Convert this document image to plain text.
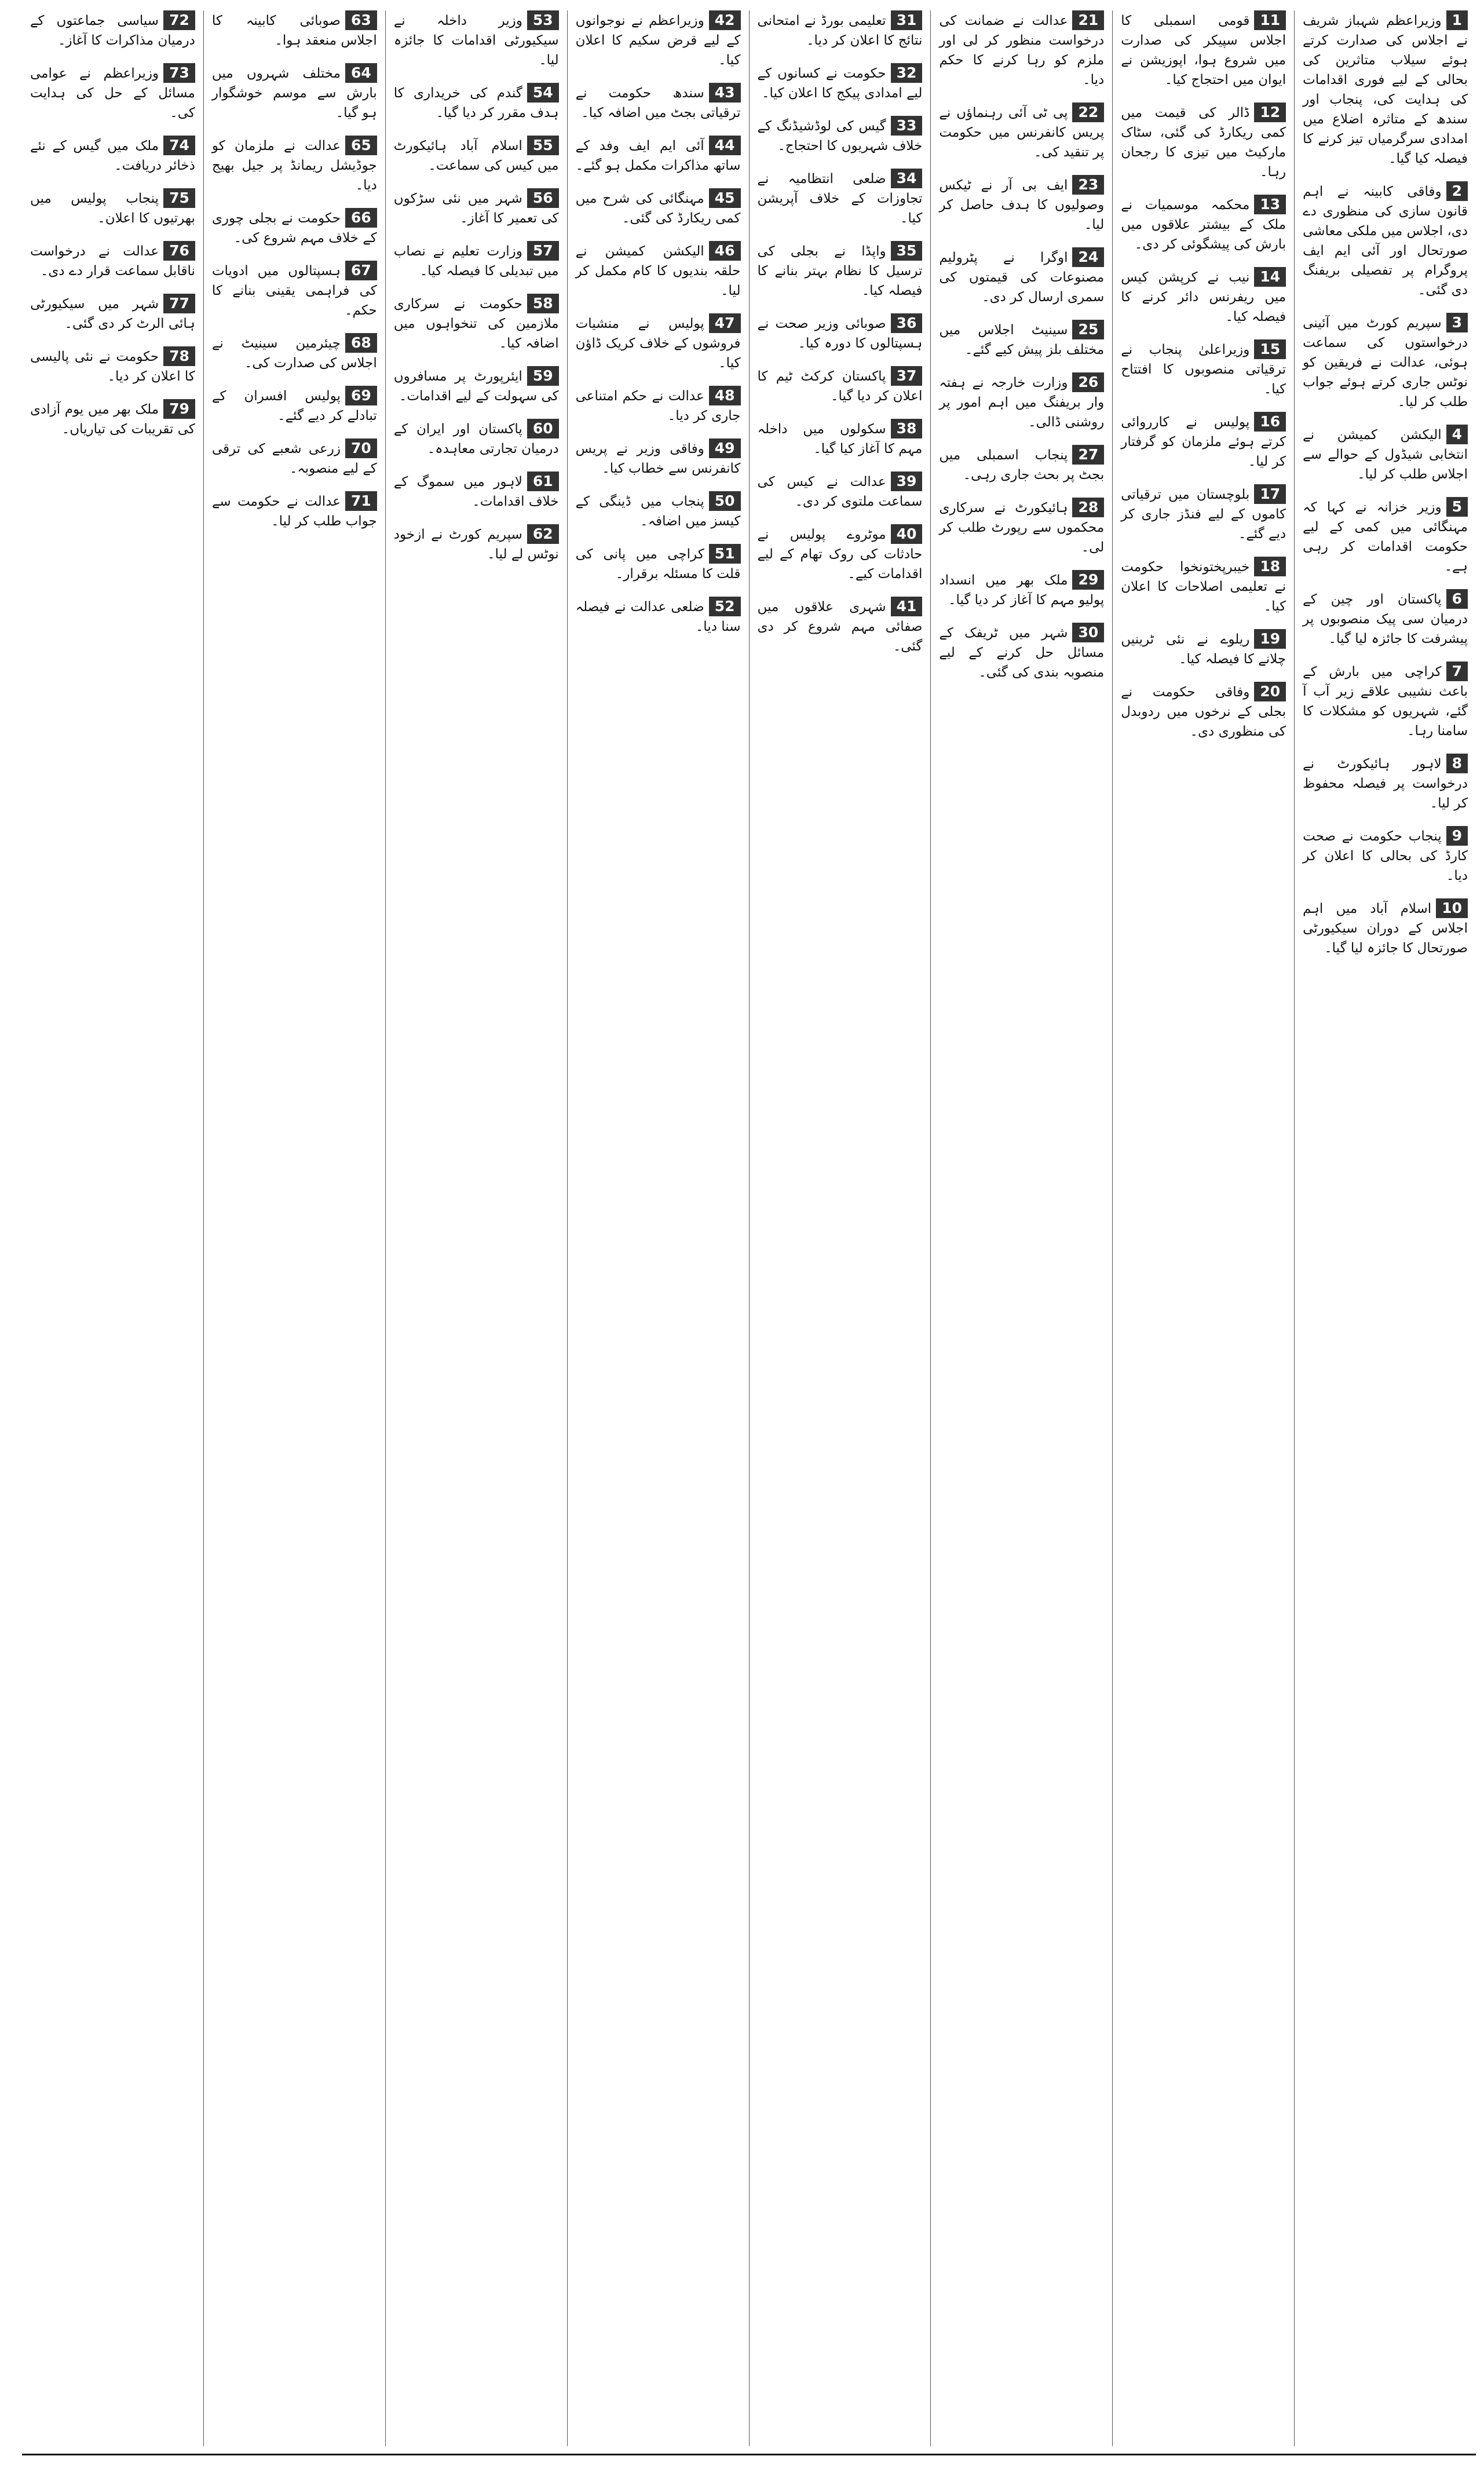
1وزیراعظم شہباز شریف نے اجلاس کی صدارت کرتے ہوئے سیلاب متاثرین کی بحالی کے لیے فوری اقدامات کی ہدایت کی، پنجاب اور سندھ کے متاثرہ اضلاع میں امدادی سرگرمیاں تیز کرنے کا فیصلہ کیا گیا۔
2وفاقی کابینہ نے اہم قانون سازی کی منظوری دے دی، اجلاس میں ملکی معاشی صورتحال اور آئی ایم ایف پروگرام پر تفصیلی بریفنگ دی گئی۔
3سپریم کورٹ میں آئینی درخواستوں کی سماعت ہوئی، عدالت نے فریقین کو نوٹس جاری کرتے ہوئے جواب طلب کر لیا۔
4الیکشن کمیشن نے انتخابی شیڈول کے حوالے سے اجلاس طلب کر لیا۔
5وزیر خزانہ نے کہا کہ مہنگائی میں کمی کے لیے حکومت اقدامات کر رہی ہے۔
6پاکستان اور چین کے درمیان سی پیک منصوبوں پر پیشرفت کا جائزہ لیا گیا۔
7کراچی میں بارش کے باعث نشیبی علاقے زیر آب آ گئے، شہریوں کو مشکلات کا سامنا رہا۔
8لاہور ہائیکورٹ نے درخواست پر فیصلہ محفوظ کر لیا۔
9پنجاب حکومت نے صحت کارڈ کی بحالی کا اعلان کر دیا۔
10اسلام آباد میں اہم اجلاس کے دوران سیکیورٹی صورتحال کا جائزہ لیا گیا۔
11قومی اسمبلی کا اجلاس سپیکر کی صدارت میں شروع ہوا، اپوزیشن نے ایوان میں احتجاج کیا۔
12ڈالر کی قیمت میں کمی ریکارڈ کی گئی، سٹاک مارکیٹ میں تیزی کا رجحان رہا۔
13محکمہ موسمیات نے ملک کے بیشتر علاقوں میں بارش کی پیشگوئی کر دی۔
14نیب نے کرپشن کیس میں ریفرنس دائر کرنے کا فیصلہ کیا۔
15وزیراعلیٰ پنجاب نے ترقیاتی منصوبوں کا افتتاح کیا۔
16پولیس نے کارروائی کرتے ہوئے ملزمان کو گرفتار کر لیا۔
17بلوچستان میں ترقیاتی کاموں کے لیے فنڈز جاری کر دیے گئے۔
18خیبرپختونخوا حکومت نے تعلیمی اصلاحات کا اعلان کیا۔
19ریلوے نے نئی ٹرینیں چلانے کا فیصلہ کیا۔
20وفاقی حکومت نے بجلی کے نرخوں میں ردوبدل کی منظوری دی۔
21عدالت نے ضمانت کی درخواست منظور کر لی اور ملزم کو رہا کرنے کا حکم دیا۔
22پی ٹی آئی رہنماؤں نے پریس کانفرنس میں حکومت پر تنقید کی۔
23ایف بی آر نے ٹیکس وصولیوں کا ہدف حاصل کر لیا۔
24اوگرا نے پٹرولیم مصنوعات کی قیمتوں کی سمری ارسال کر دی۔
25سینیٹ اجلاس میں مختلف بلز پیش کیے گئے۔
26وزارت خارجہ نے ہفتہ وار بریفنگ میں اہم امور پر روشنی ڈالی۔
27پنجاب اسمبلی میں بجٹ پر بحث جاری رہی۔
28ہائیکورٹ نے سرکاری محکموں سے رپورٹ طلب کر لی۔
29ملک بھر میں انسداد پولیو مہم کا آغاز کر دیا گیا۔
30شہر میں ٹریفک کے مسائل حل کرنے کے لیے منصوبہ بندی کی گئی۔
31تعلیمی بورڈ نے امتحانی نتائج کا اعلان کر دیا۔
32حکومت نے کسانوں کے لیے امدادی پیکج کا اعلان کیا۔
33گیس کی لوڈشیڈنگ کے خلاف شہریوں کا احتجاج۔
34ضلعی انتظامیہ نے تجاوزات کے خلاف آپریشن کیا۔
35واپڈا نے بجلی کی ترسیل کا نظام بہتر بنانے کا فیصلہ کیا۔
36صوبائی وزیر صحت نے ہسپتالوں کا دورہ کیا۔
37پاکستان کرکٹ ٹیم کا اعلان کر دیا گیا۔
38سکولوں میں داخلہ مہم کا آغاز کیا گیا۔
39عدالت نے کیس کی سماعت ملتوی کر دی۔
40موٹروے پولیس نے حادثات کی روک تھام کے لیے اقدامات کیے۔
41شہری علاقوں میں صفائی مہم شروع کر دی گئی۔
42وزیراعظم نے نوجوانوں کے لیے قرض سکیم کا اعلان کیا۔
43سندھ حکومت نے ترقیاتی بجٹ میں اضافہ کیا۔
44آئی ایم ایف وفد کے ساتھ مذاکرات مکمل ہو گئے۔
45مہنگائی کی شرح میں کمی ریکارڈ کی گئی۔
46الیکشن کمیشن نے حلقہ بندیوں کا کام مکمل کر لیا۔
47پولیس نے منشیات فروشوں کے خلاف کریک ڈاؤن کیا۔
48عدالت نے حکم امتناعی جاری کر دیا۔
49وفاقی وزیر نے پریس کانفرنس سے خطاب کیا۔
50پنجاب میں ڈینگی کے کیسز میں اضافہ۔
51کراچی میں پانی کی قلت کا مسئلہ برقرار۔
52ضلعی عدالت نے فیصلہ سنا دیا۔
53وزیر داخلہ نے سیکیورٹی اقدامات کا جائزہ لیا۔
54گندم کی خریداری کا ہدف مقرر کر دیا گیا۔
55اسلام آباد ہائیکورٹ میں کیس کی سماعت۔
56شہر میں نئی سڑکوں کی تعمیر کا آغاز۔
57وزارت تعلیم نے نصاب میں تبدیلی کا فیصلہ کیا۔
58حکومت نے سرکاری ملازمین کی تنخواہوں میں اضافہ کیا۔
59ایئرپورٹ پر مسافروں کی سہولت کے لیے اقدامات۔
60پاکستان اور ایران کے درمیان تجارتی معاہدہ۔
61لاہور میں سموگ کے خلاف اقدامات۔
62سپریم کورٹ نے ازخود نوٹس لے لیا۔
63صوبائی کابینہ کا اجلاس منعقد ہوا۔
64مختلف شہروں میں بارش سے موسم خوشگوار ہو گیا۔
65عدالت نے ملزمان کو جوڈیشل ریمانڈ پر جیل بھیج دیا۔
66حکومت نے بجلی چوری کے خلاف مہم شروع کی۔
67ہسپتالوں میں ادویات کی فراہمی یقینی بنانے کا حکم۔
68چیئرمین سینیٹ نے اجلاس کی صدارت کی۔
69پولیس افسران کے تبادلے کر دیے گئے۔
70زرعی شعبے کی ترقی کے لیے منصوبہ۔
71عدالت نے حکومت سے جواب طلب کر لیا۔
72سیاسی جماعتوں کے درمیان مذاکرات کا آغاز۔
73وزیراعظم نے عوامی مسائل کے حل کی ہدایت کی۔
74ملک میں گیس کے نئے ذخائر دریافت۔
75پنجاب پولیس میں بھرتیوں کا اعلان۔
76عدالت نے درخواست ناقابل سماعت قرار دے دی۔
77شہر میں سیکیورٹی ہائی الرٹ کر دی گئی۔
78حکومت نے نئی پالیسی کا اعلان کر دیا۔
79ملک بھر میں یوم آزادی کی تقریبات کی تیاریاں۔
